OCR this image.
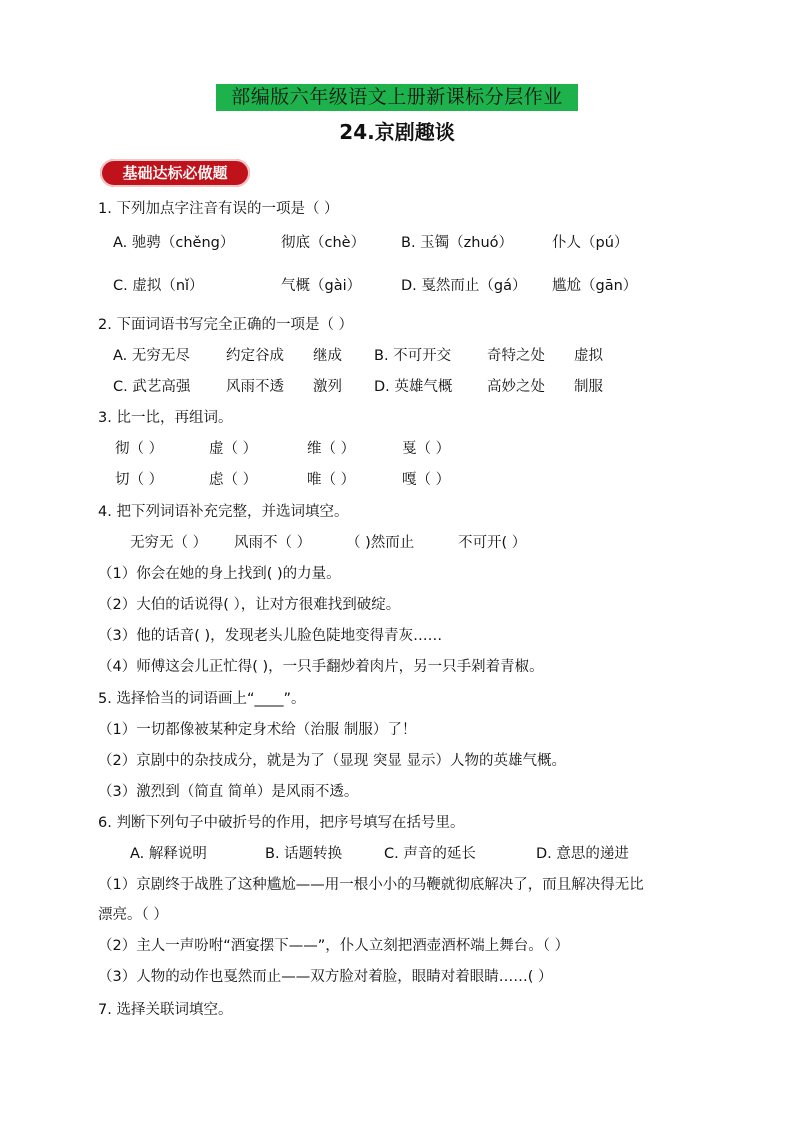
部编版六年级语文上册新课标分层作业
24.京剧趣谈
基础达标必做题
1. 下列加点字注音有误的一项是（ ）
A. 驰骋（chěng）	彻底（chè） B. 玉镯（zhuó）	仆人（pú）
C. 虚拟（nǐ）	气概（gài）	D. 戛然而止（gá） 尴尬（gān）
2. 下面词语书写完全正确的一项是（ ）
A. 无穷无尽 约定谷成 继成 B. 不可开交 奇特之处 虚拟
C. 武艺高强 风雨不透 激列 D. 英雄气概 高妙之处 制服
3. 比一比，再组词。
彻（ ）	虚（ ）	维（ ）	戛（ ）
切（ ）	虑（ ）	唯（ ）	嘎（ ）
4. 把下列词语补充完整，并选词填空。
无穷无（ ） 风雨不（ ） （ )然而止	不可开( ）
（1）你会在她的身上找到( )的力量。
（2）大伯的话说得( ），让对方很难找到破绽。
（3）他的话音( )，发现老头儿脸色陡地变得青灰……
（4）师傅这会儿正忙得( )，一只手翻炒着肉片，另一只手剁着青椒。
5. 选择恰当的词语画上“____”。
（1）一切都像被某种定身术给（治服 制服）了！
（2）京剧中的杂技成分，就是为了（显现 突显 显示）人物的英雄气概。
（3）激烈到（简直 简单）是风雨不透。
6. 判断下列句子中破折号的作用，把序号填写在括号里。
A. 解释说明	B. 话题转换	C. 声音的延长	D. 意思的递进
（1）京剧终于战胜了这种尴尬——用一根小小的马鞭就彻底解决了，而且解决得无比
漂亮。（ ）
（2）主人一声吩咐“酒宴摆下——”，仆人立刻把酒壶酒杯端上舞台。（ ）
（3）人物的动作也戛然而止——双方脸对着脸，眼睛对着眼睛……( ）
7. 选择关联词填空。
